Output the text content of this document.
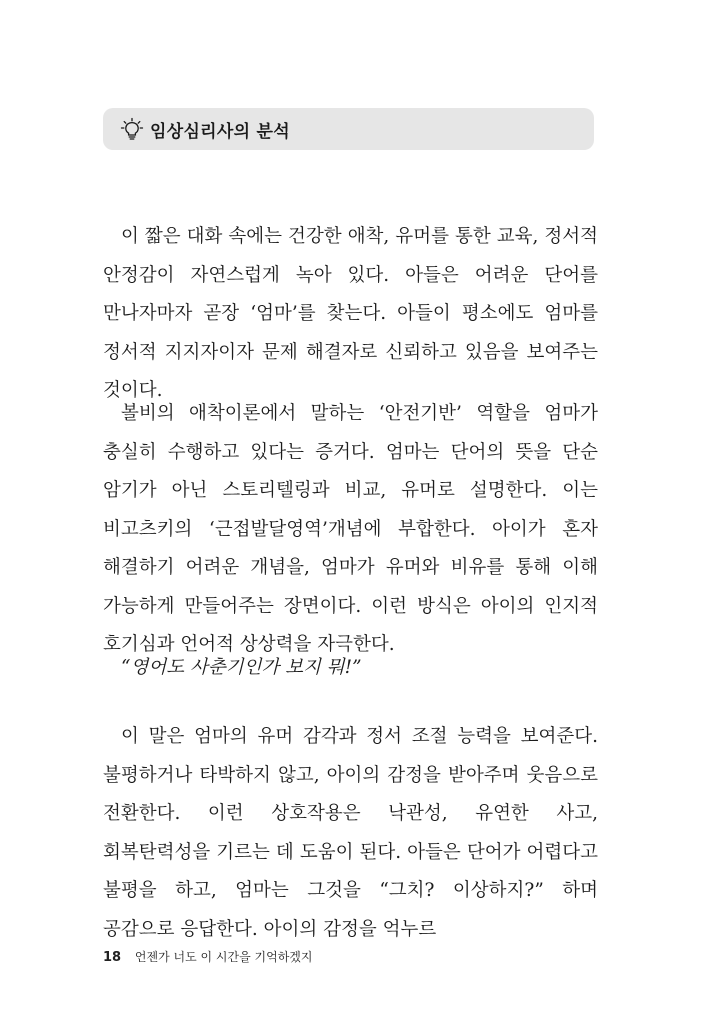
임상심리사의 분석

이 짧은 대화 속에는 건강한 애착, 유머를 통한 교육, 정서적 안정감이 자연스럽게 녹아 있다. 아들은 어려운 단어를 만나자마자 곧장 ‘엄마’를 찾는다. 아들이 평소에도 엄마를 정서적 지지자이자 문제 해결자로 신뢰하고 있음을 보여주는 것이다.

볼비의 애착이론에서 말하는 ‘안전기반’ 역할을 엄마가 충실히 수행하고 있다는 증거다. 엄마는 단어의 뜻을 단순 암기가 아닌 스토리텔링과 비교, 유머로 설명한다. 이는 비고츠키의 ‘근접발달영역’개념에 부합한다. 아이가 혼자 해결하기 어려운 개념을, 엄마가 유머와 비유를 통해 이해 가능하게 만들어주는 장면이다. 이런 방식은 아이의 인지적 호기심과 언어적 상상력을 자극한다.

“영어도 사춘기인가 보지 뭐!”

이 말은 엄마의 유머 감각과 정서 조절 능력을 보여준다. 불평하거나 타박하지 않고, 아이의 감정을 받아주며 웃음으로 전환한다. 이런 상호작용은 낙관성, 유연한 사고, 회복탄력성을 기르는 데 도움이 된다. 아들은 단어가 어렵다고 불평을 하고, 엄마는 그것을 “그치? 이상하지?” 하며 공감으로 응답한다. 아이의 감정을 억누르

18 언젠가 너도 이 시간을 기억하겠지
